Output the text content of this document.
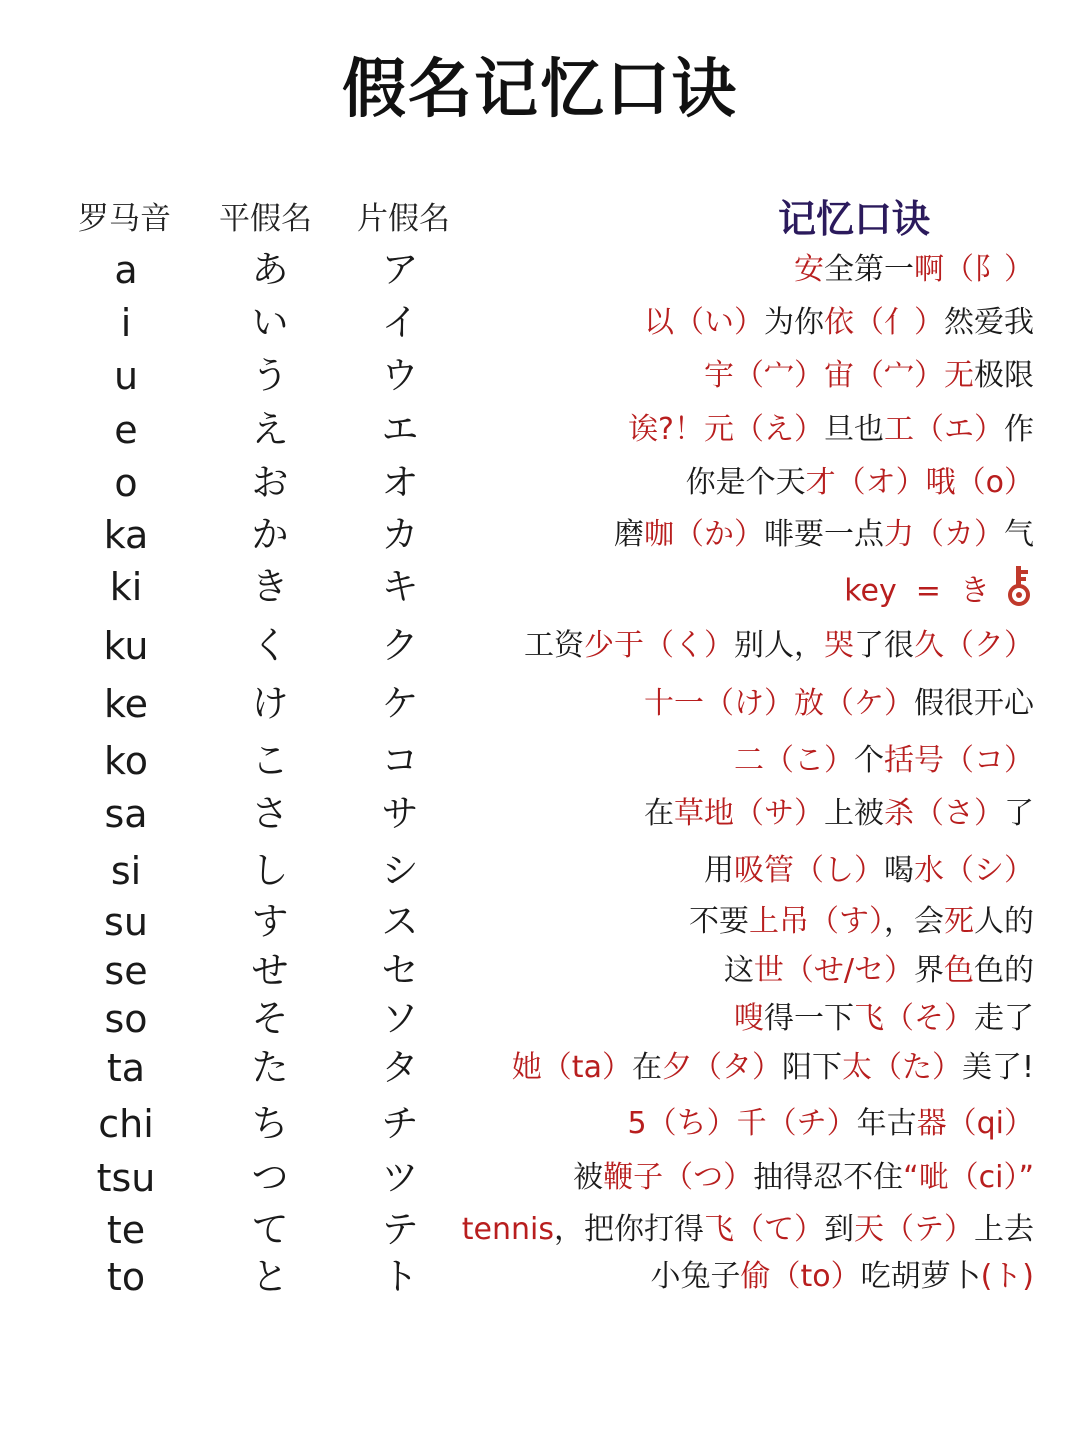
假名记忆口诀
罗马音 平假名 片假名	记忆口诀
a	あ	ア	安全第一啊（阝）
i	い	イ	以（い）为你依（亻）然爱我
u	う	ウ	宇（宀）宙（宀）无极限
e	え	エ	诶?！元（え）旦也工（エ）作
o	お	オ	你是个天才（オ）哦（o）
ka	か	カ	磨咖（か）啡要一点力（カ）气
ki	き	キ	key  =  き
ku	く	ク	工资少于（く）别人，哭了很久（ク）
ke	け	ケ	十一（け）放（ケ）假很开心
ko	こ	コ	二（こ）个括号（コ）
sa	さ	サ	在草地（サ）上被杀（さ）了
si	し	シ	用吸管（し）喝水（シ）
su	す	ス	不要上吊（す），会死人的
se	せ	セ	这世（せ/セ）界色色的
so	そ	ソ	嗖得一下飞（そ）走了
ta	た	タ	她（ta）在夕（タ）阳下太（た）美了!
chi	ち	チ	5（ち）千（チ）年古器（qi）
tsu	つ	ツ	被鞭子（つ）抽得忍不住“呲（ci）”
te	て	テ	tennis，把你打得飞（て）到天（テ）上去
to	と	ト	小兔子偷（to）吃胡萝卜(ト)
